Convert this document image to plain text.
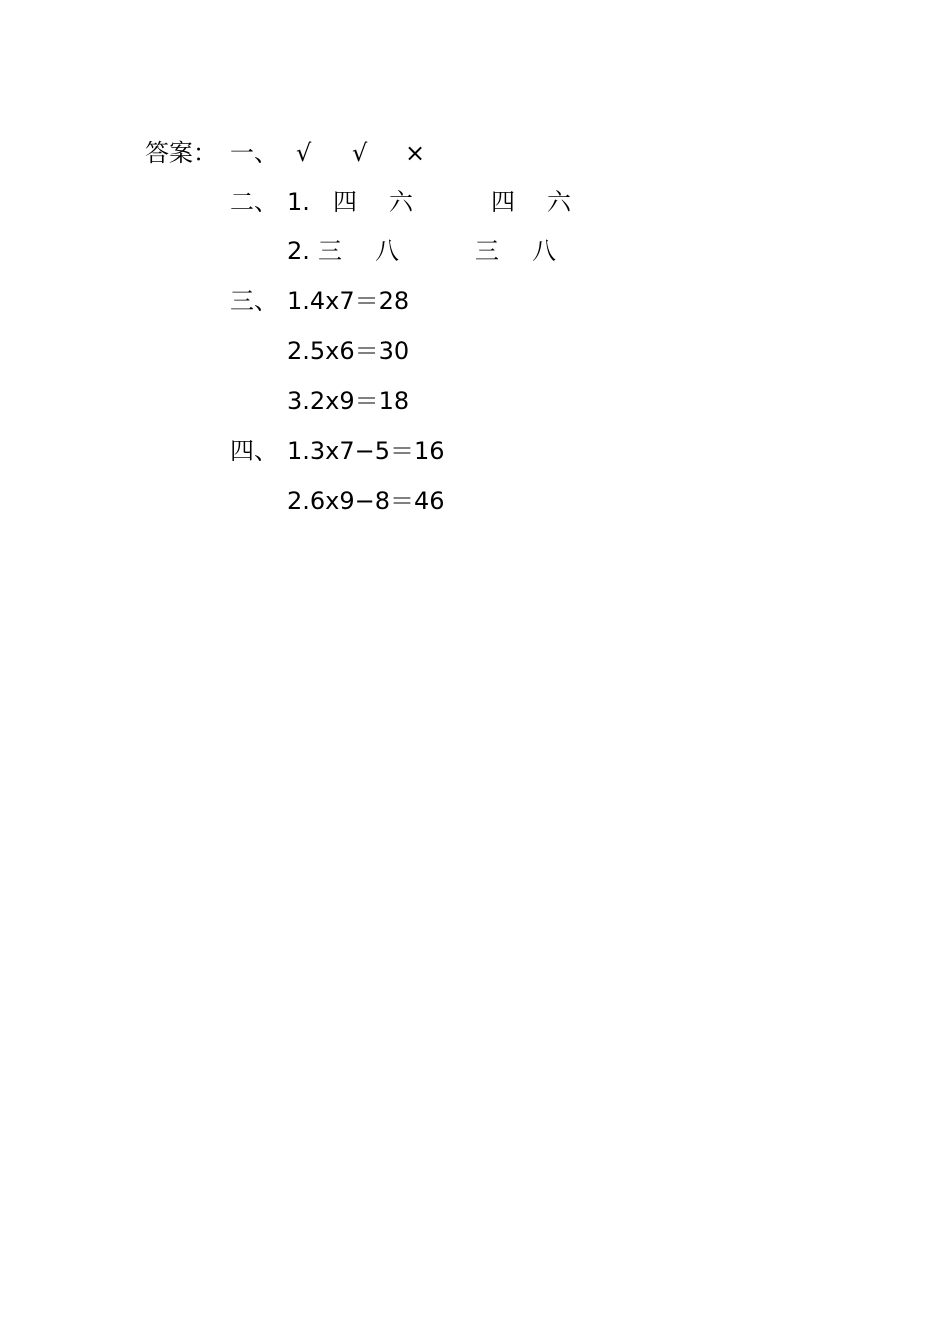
答案：

一、

√

√

×

二、

1.

四

六

	四

六

2.

三

八

	三

八

三、

1.4x7＝28

2.5x6＝30

3.2x9＝18

四、

1.3x7−5＝16

2.6x9−8＝46
